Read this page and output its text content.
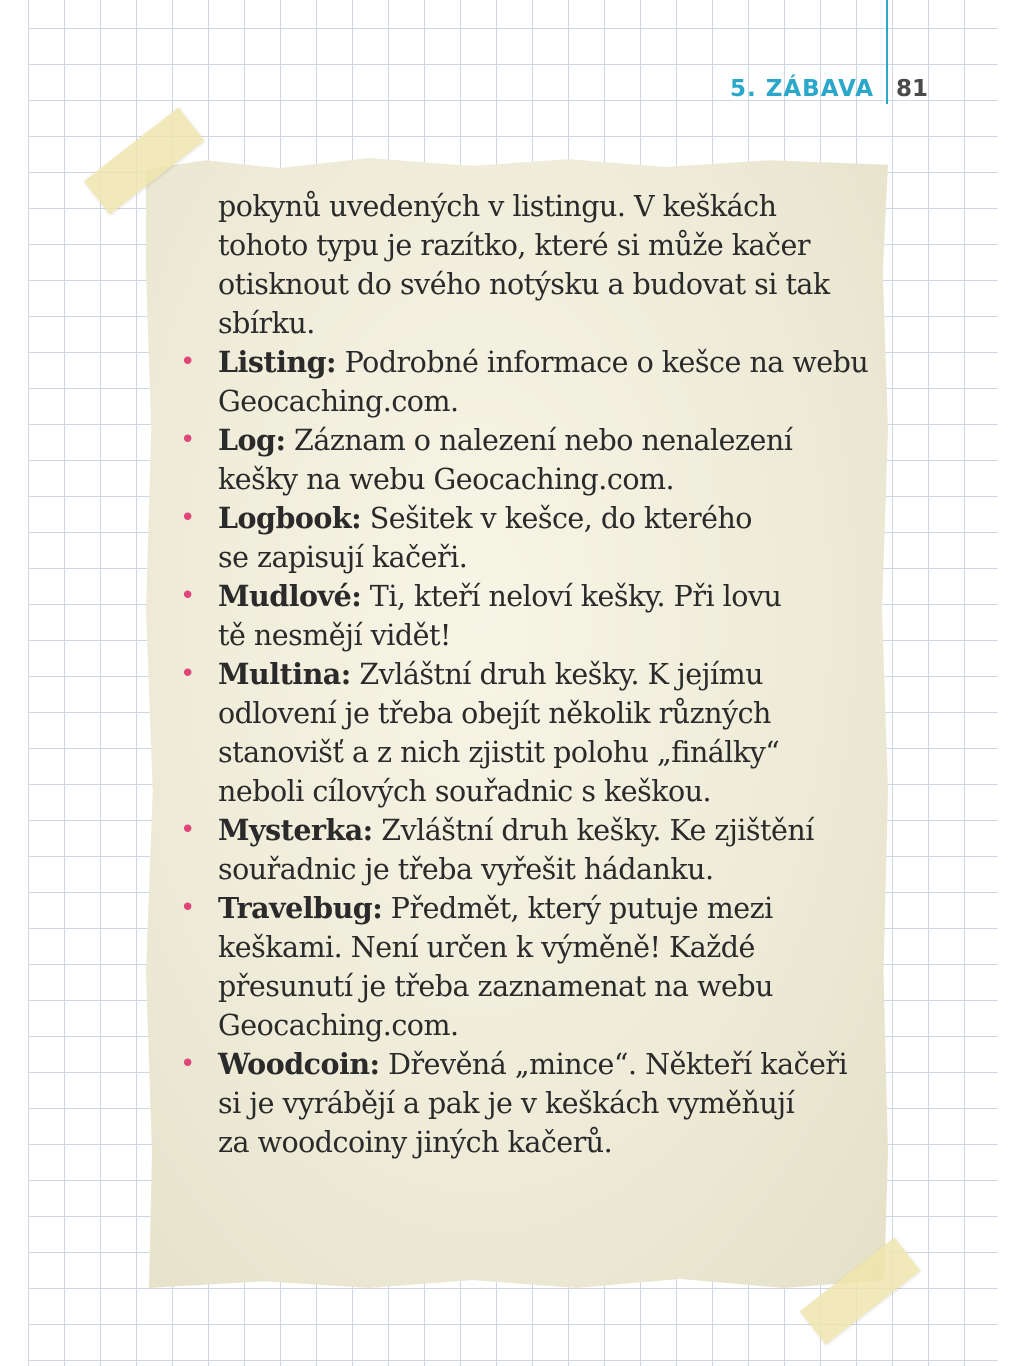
5. ZÁBAVA 81
pokynů uvedených v listingu. V keškách
tohoto typu je razítko, které si může kačer
otisknout do svého notýsku a budovat si tak
sbírku.
• Listing: Podrobné informace o kešce na webu
Geocaching.com.
• Log: Záznam o nalezení nebo nenalezení
kešky na webu Geocaching.com.
• Logbook: Sešitek v kešce, do kterého
se zapisují kačeři.
• Mudlové: Ti, kteří neloví kešky. Při lovu
tě nesmějí vidět!
• Multina: Zvláštní druh kešky. K jejímu
odlovení je třeba obejít několik různých
stanovišť a z nich zjistit polohu „finálky“
neboli cílových souřadnic s keškou.
• Mysterka: Zvláštní druh kešky. Ke zjištění
souřadnic je třeba vyřešit hádanku.
• Travelbug: Předmět, který putuje mezi
keškami. Není určen k výměně! Každé
přesunutí je třeba zaznamenat na webu
Geocaching.com.
• Woodcoin: Dřevěná „mince“. Někteří kačeři
si je vyrábějí a pak je v keškách vyměňují
za woodcoiny jiných kačerů.
